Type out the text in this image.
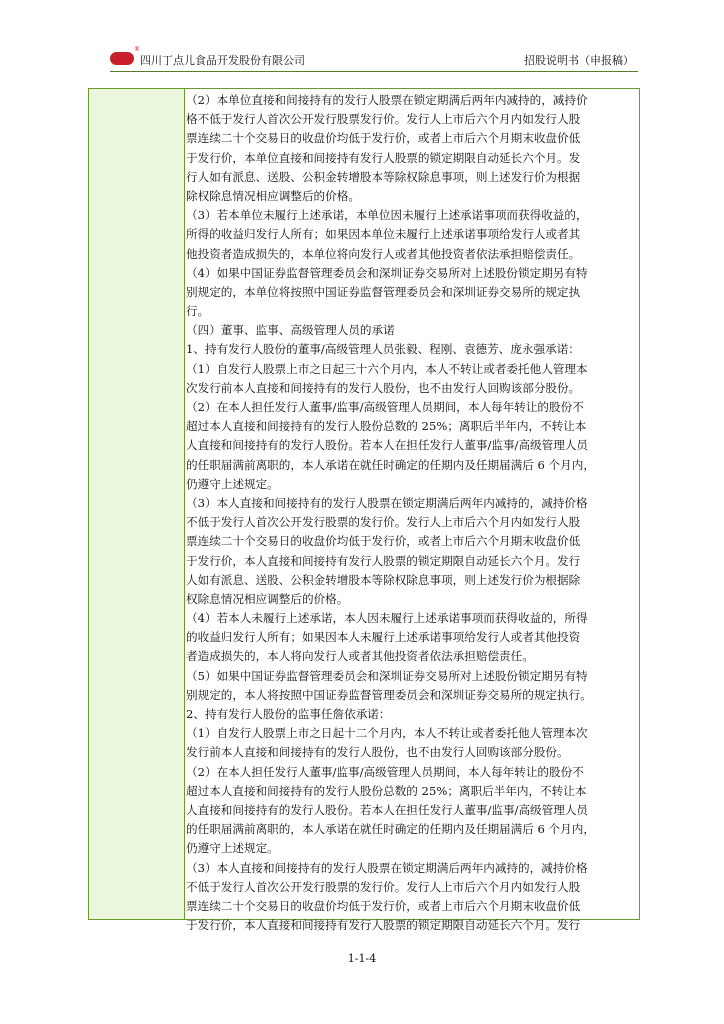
®
四川丁点儿食品开发股份有限公司	招股说明书（申报稿）
（2）本单位直接和间接持有的发行人股票在锁定期满后两年内减持的，减持价
格不低于发行人首次公开发行股票发行价。发行人上市后六个月内如发行人股
票连续二十个交易日的收盘价均低于发行价，或者上市后六个月期末收盘价低
于发行价，本单位直接和间接持有发行人股票的锁定期限自动延长六个月。发
行人如有派息、送股、公积金转增股本等除权除息事项，则上述发行价为根据
除权除息情况相应调整后的价格。
（3）若本单位未履行上述承诺，本单位因未履行上述承诺事项而获得收益的，
所得的收益归发行人所有；如果因本单位未履行上述承诺事项给发行人或者其
他投资者造成损失的，本单位将向发行人或者其他投资者依法承担赔偿责任。
（4）如果中国证券监督管理委员会和深圳证券交易所对上述股份锁定期另有特
别规定的，本单位将按照中国证券监督管理委员会和深圳证券交易所的规定执
行。
（四）董事、监事、高级管理人员的承诺
1、持有发行人股份的董事/高级管理人员张毅、程刚、袁德芳、庞永强承诺：
（1）自发行人股票上市之日起三十六个月内，本人不转让或者委托他人管理本
次发行前本人直接和间接持有的发行人股份，也不由发行人回购该部分股份。
（2）在本人担任发行人董事/监事/高级管理人员期间，本人每年转让的股份不
超过本人直接和间接持有的发行人股份总数的 25%；离职后半年内，不转让本
人直接和间接持有的发行人股份。若本人在担任发行人董事/监事/高级管理人员
的任职届满前离职的，本人承诺在就任时确定的任期内及任期届满后 6 个月内，
仍遵守上述规定。
（3）本人直接和间接持有的发行人股票在锁定期满后两年内减持的，减持价格
不低于发行人首次公开发行股票的发行价。发行人上市后六个月内如发行人股
票连续二十个交易日的收盘价均低于发行价，或者上市后六个月期末收盘价低
于发行价，本人直接和间接持有发行人股票的锁定期限自动延长六个月。发行
人如有派息、送股、公积金转增股本等除权除息事项，则上述发行价为根据除
权除息情况相应调整后的价格。
（4）若本人未履行上述承诺，本人因未履行上述承诺事项而获得收益的，所得
的收益归发行人所有；如果因本人未履行上述承诺事项给发行人或者其他投资
者造成损失的，本人将向发行人或者其他投资者依法承担赔偿责任。
（5）如果中国证券监督管理委员会和深圳证券交易所对上述股份锁定期另有特
别规定的，本人将按照中国证券监督管理委员会和深圳证券交易所的规定执行。
2、持有发行人股份的监事任詹依承诺：
（1）自发行人股票上市之日起十二个月内，本人不转让或者委托他人管理本次
发行前本人直接和间接持有的发行人股份，也不由发行人回购该部分股份。
（2）在本人担任发行人董事/监事/高级管理人员期间，本人每年转让的股份不
超过本人直接和间接持有的发行人股份总数的 25%；离职后半年内，不转让本
人直接和间接持有的发行人股份。若本人在担任发行人董事/监事/高级管理人员
的任职届满前离职的，本人承诺在就任时确定的任期内及任期届满后 6 个月内，
仍遵守上述规定。
（3）本人直接和间接持有的发行人股票在锁定期满后两年内减持的，减持价格
不低于发行人首次公开发行股票的发行价。发行人上市后六个月内如发行人股
票连续二十个交易日的收盘价均低于发行价，或者上市后六个月期末收盘价低
于发行价，本人直接和间接持有发行人股票的锁定期限自动延长六个月。发行
1-1-4
